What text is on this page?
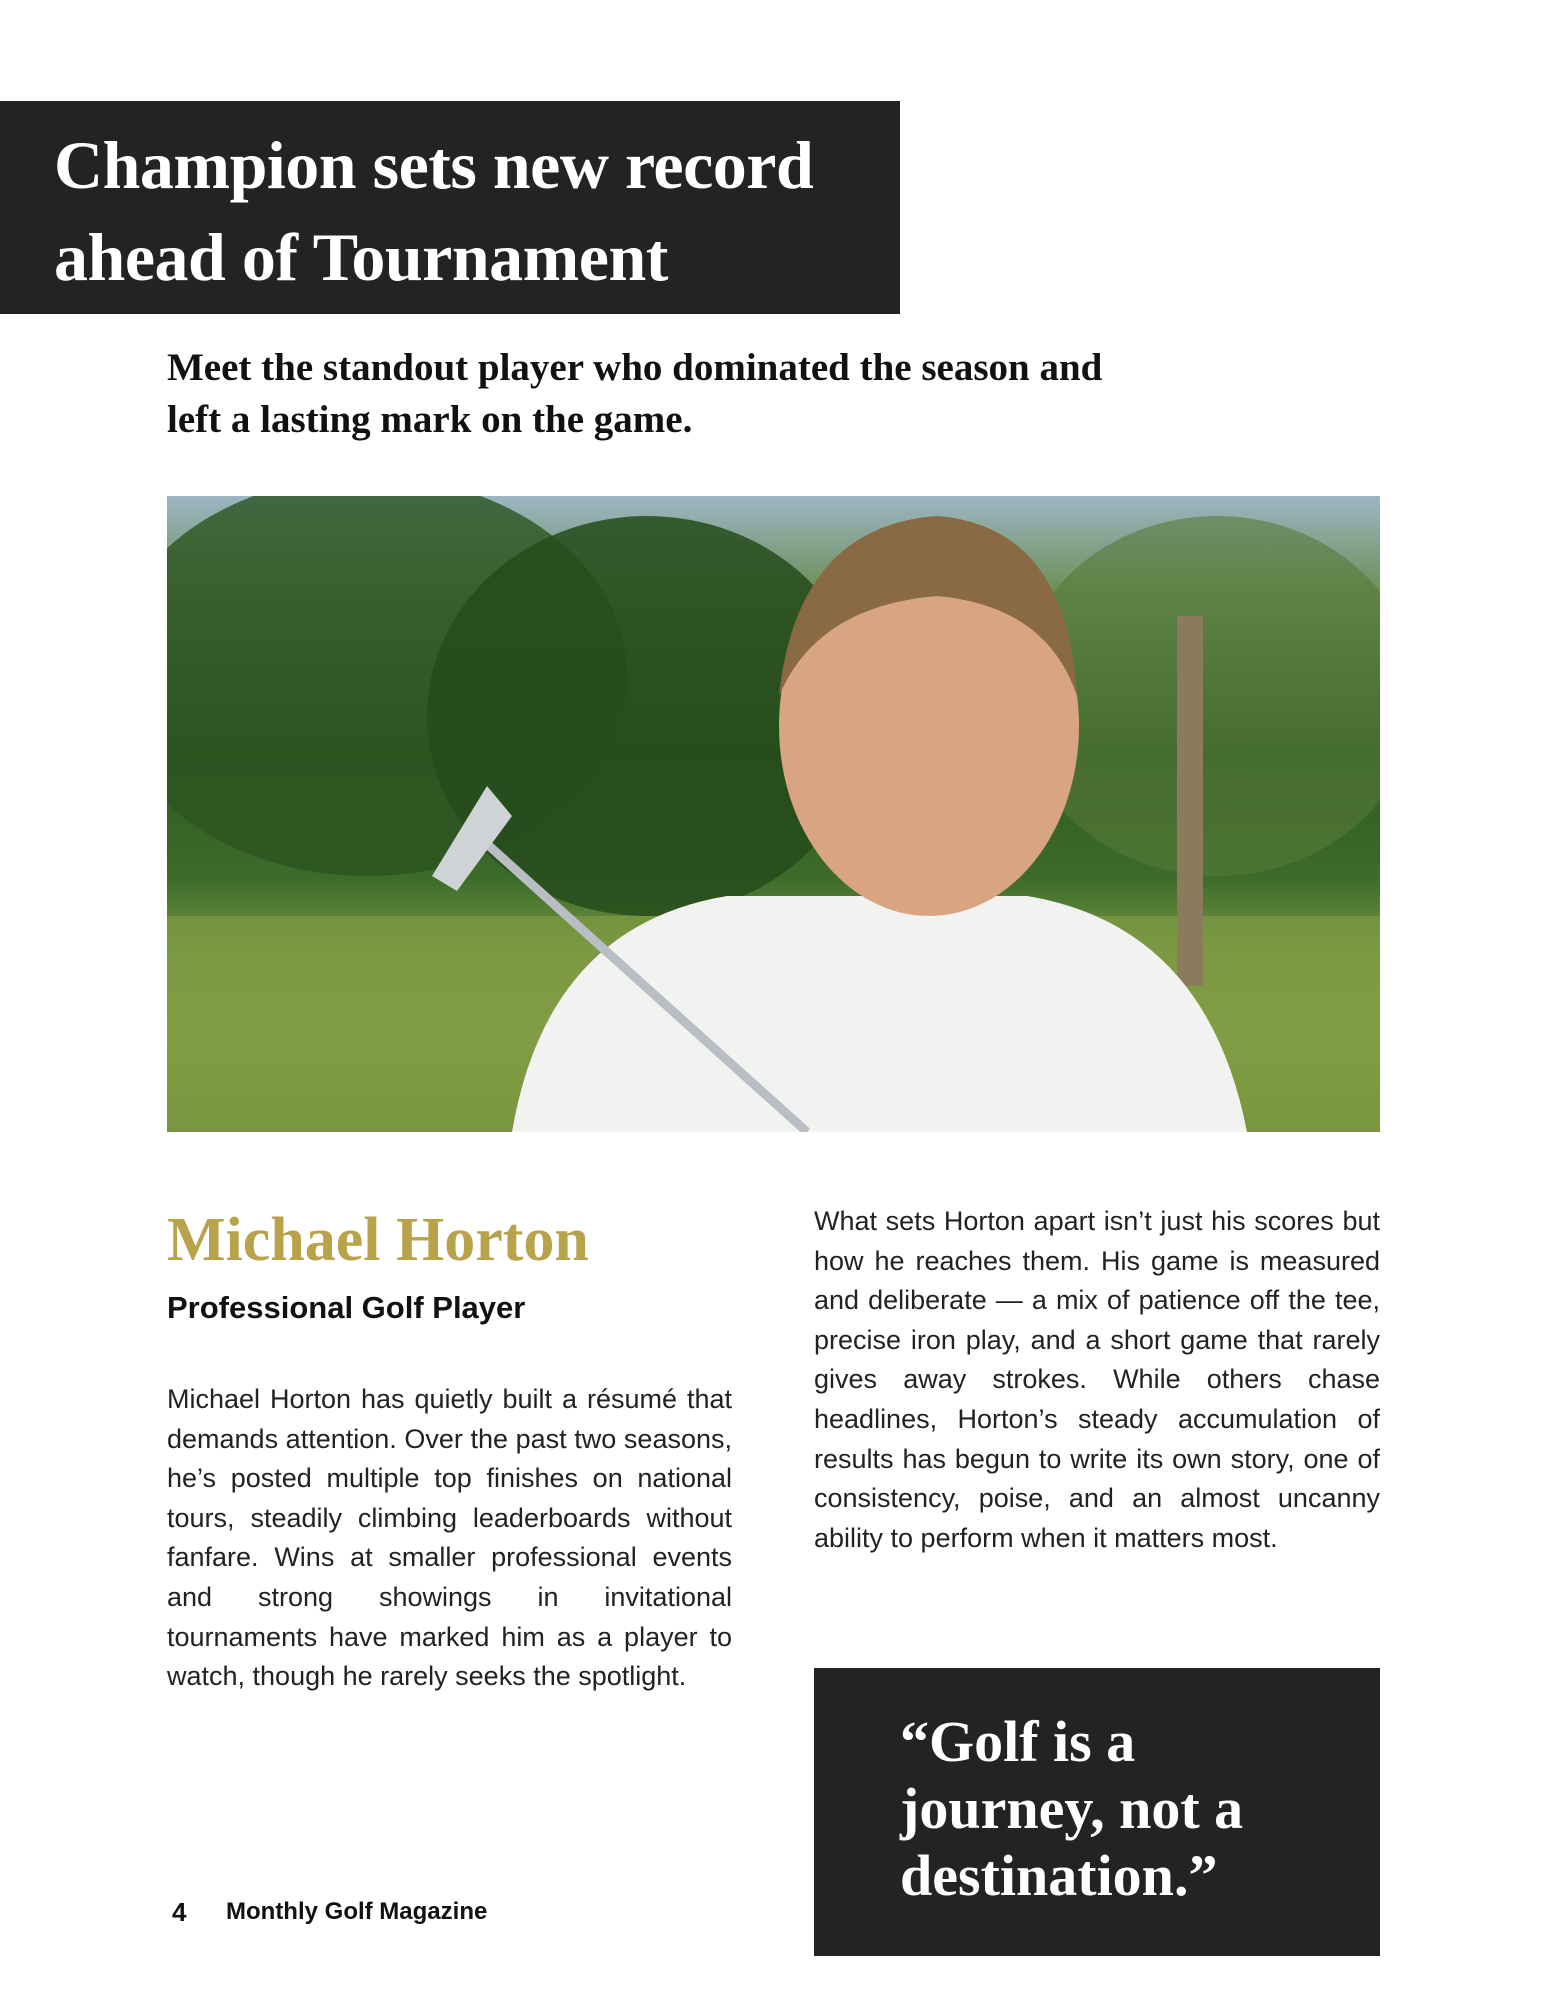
Champion sets new record ahead of Tournament

Meet the standout player who dominated the season and left a lasting mark on the game.

Michael Horton
Professional Golf Player

Michael Horton has quietly built a résumé that demands attention. Over the past two seasons, he’s posted multiple top finishes on national tours, steadily climbing leaderboards without fanfare. Wins at smaller professional events and strong showings in invitational tournaments have marked him as a player to watch, though he rarely seeks the spotlight.

What sets Horton apart isn’t just his scores but how he reaches them. His game is measured and deliberate — a mix of patience off the tee, precise iron play, and a short game that rarely gives away strokes. While others chase headlines, Horton’s steady accumulation of results has begun to write its own story, one of consistency, poise, and an almost uncanny ability to perform when it matters most.

“Golf is a journey, not a destination.”

4 Monthly Golf Magazine
